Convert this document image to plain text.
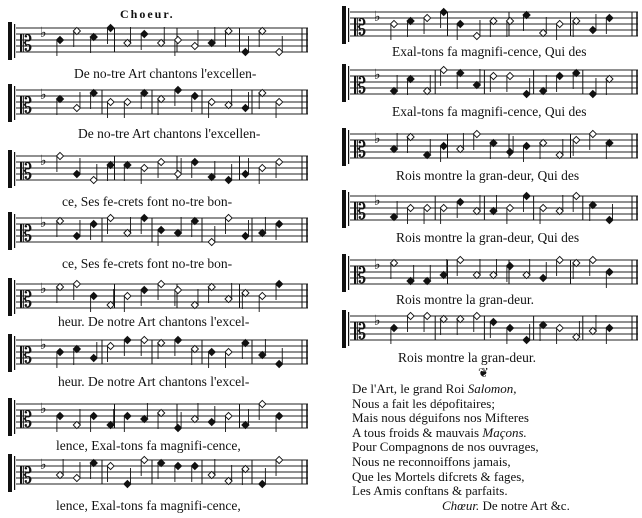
Choeur.
𝄡 ♭
De no-tre Art chantons l'excellen-
𝄡 ♭
De no-tre Art chantons l'excellen-
𝄡 ♭
ce, Ses fe-crets font no-tre bon-
𝄡 ♭
ce, Ses fe-crets font no-tre bon-
𝄡 ♭
heur. De notre Art chantons l'excel-
𝄡 ♭
heur. De notre Art chantons l'excel-
𝄡 ♭
lence, Exal-tons fa magnifi-cence,
𝄡 ♭
lence, Exal-tons fa magnifi-cence,
𝄡 ♭
Exal-tons fa magnifi-cence, Qui des
𝄡 ♭
Exal-tons fa magnifi-cence, Qui des
𝄡 ♭
Rois montre la gran-deur, Qui des
𝄡 ♭
Rois montre la gran-deur, Qui des
𝄡 ♭
Rois montre la gran-deur.
𝄡 ♭
Rois montre la gran-deur.
❦
De l'Art, le grand Roi Salomon,
Nous a fait les dépofitaires;
Mais nous déguifons nos Mifteres
A tous froids & mauvais Maçons.
Pour Compagnons de nos ouvrages,
Nous ne reconnoiffons jamais,
Que les Mortels difcrets & fages,
Les Amis conftans & parfaits.
Chœur. De notre Art &c.
